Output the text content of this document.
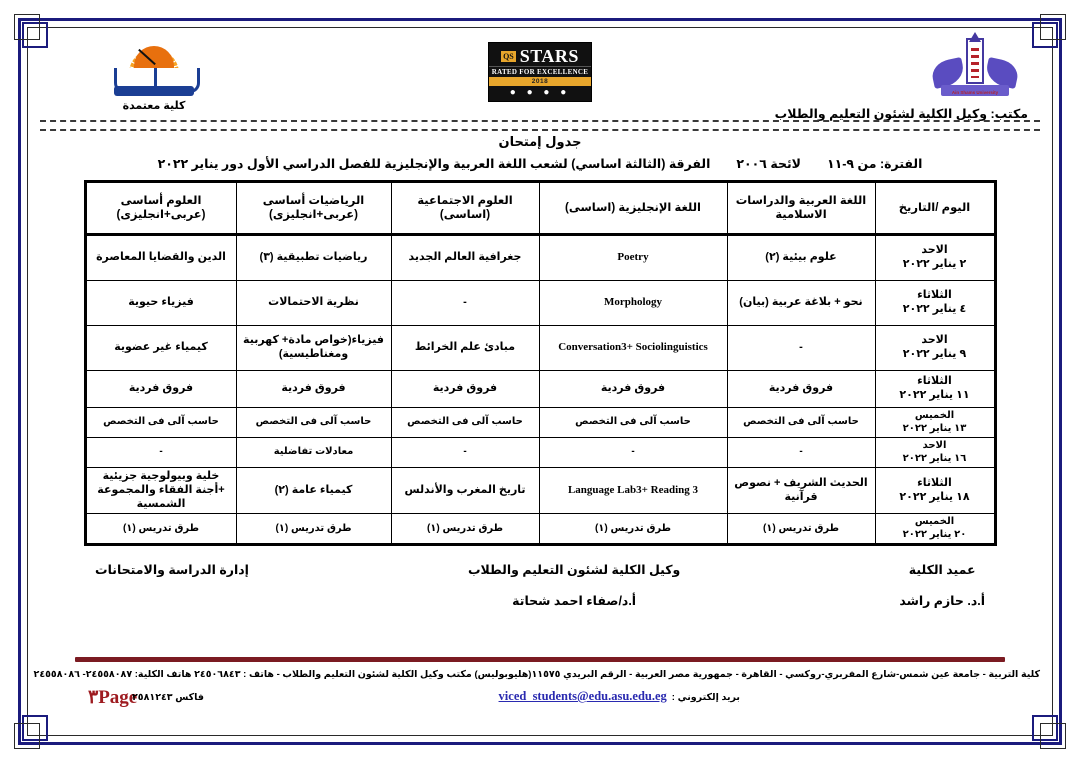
كلية معتمدة
QS STARS
RATED FOR EXCELLENCE
2018
● ● ● ●	Ain Shams University
مكتب: وكيل الكلية لشئون التعليم والطلاب
جدول إمتحان
الفترة: من ٩-١١
لائحة ٢٠٠٦
الفرقة (الثالثة اساسي) لشعب اللغة العربية والإنجليزية للفصل الدراسي الأول دور يناير ٢٠٢٢
اليوم /التاريخ	اللغة العربية والدراسات الاسلامية	اللغة الإنجليزية (اساسى)	العلوم الاجتماعية (اساسى)	الرياضيات أساسى (عربى+انجليزى)	العلوم أساسى (عربى+انجليزى)

الاحد
٢ يناير ٢٠٢٢	علوم بيئية (٢)	Poetry	جغرافية العالم الجديد	رياضيات تطبيقية (٣)	الدين والقضايا المعاصرة

الثلاثاء
٤ يناير ٢٠٢٢	نحو + بلاغة عربية (بيان)	Morphology	-	نظرية الاحتمالات	فيزياء حيوية

الاحد
٩ يناير ٢٠٢٢	-	Conversation3+ Sociolinguistics	مبادئ علم الخرائط	فيزياء(خواص مادة+ كهربية ومغناطيسية)	كيمياء غير عضوية

الثلاثاء
١١ يناير ٢٠٢٢	فروق فردية	فروق فردية	فروق فردية	فروق فردية	فروق فردية

الخميس
١٣ يناير ٢٠٢٢	حاسب آلى فى التخصص	حاسب آلى فى التخصص	حاسب آلى فى التخصص	حاسب آلى فى التخصص	حاسب آلى فى التخصص

الاحد
١٦ يناير ٢٠٢٢	-	-	-	معادلات تفاضلية	-

الثلاثاء
١٨ يناير ٢٠٢٢	الحديث الشريف + نصوص قرآنية	Language Lab3+ Reading 3	تاريخ المغرب والأندلس	كيمياء عامة (٢)	خلية وبيولوجية جزيئية +أجنة الفقاء والمجموعة الشمسية

الخميس
٢٠ يناير ٢٠٢٢	طرق تدريس (١)	طرق تدريس (١)	طرق تدريس (١)	طرق تدريس (١)	طرق تدريس (١)
عميد الكلية
أ.د. حازم راشد
وكيل الكلية لشئون التعليم والطلاب
أ.د/صفاء احمد شحاتة
إدارة الدراسة والامتحانات
كلية التربية - جامعة عين شمس-شارع المفربري-روكسي - القاهرة - جمهورية مصر العربية - الرقم البريدي ١١٥٧٥(هليوبوليس) مكتب وكيل الكلية لشئون التعليم والطلاب - هاتف : ٢٤٥٠٦٨٤٣ هاتف الكلية: ٢٤٥٥٨٠٨٧- ٢٤٥٥٨٠٨٦
٣Page
فاكس ٢٥٨١٢٤٣	بريد إلكتروني :
viced_students@edu.asu.edu.eg
